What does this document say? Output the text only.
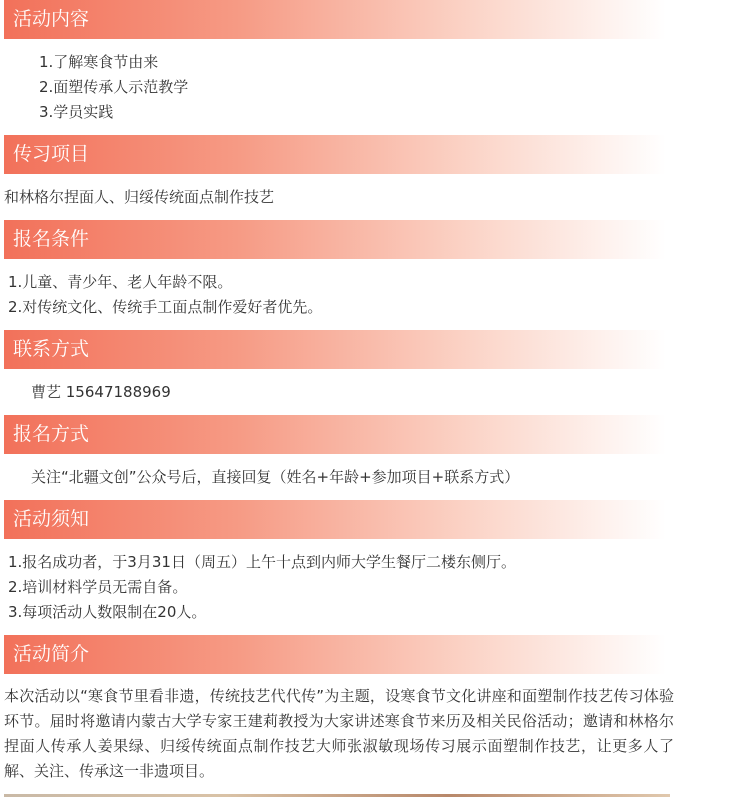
活动内容
1.了解寒食节由来
2.面塑传承人示范教学
3.学员实践
传习项目
和林格尔捏面人、归绥传统面点制作技艺
报名条件
1.儿童、青少年、老人年龄不限。
2.对传统文化、传统手工面点制作爱好者优先。
联系方式
曹艺 15647188969
报名方式
关注“北疆文创”公众号后，直接回复（姓名+年龄+参加项目+联系方式）
活动须知
1.报名成功者，于3月31日（周五）上午十点到内师大学生餐厅二楼东侧厅。
2.培训材料学员无需自备。
3.每项活动人数限制在20人。
活动简介
本次活动以“寒食节里看非遗，传统技艺代代传”为主题，设寒食节文化讲座和面塑制作技艺传习体验环节。届时将邀请内蒙古大学专家王建莉教授为大家讲述寒食节来历及相关民俗活动；邀请和林格尔捏面人传承人姜果绿、归绥传统面点制作技艺大师张淑敏现场传习展示面塑制作技艺，让更多人了解、关注、传承这一非遗项目。
